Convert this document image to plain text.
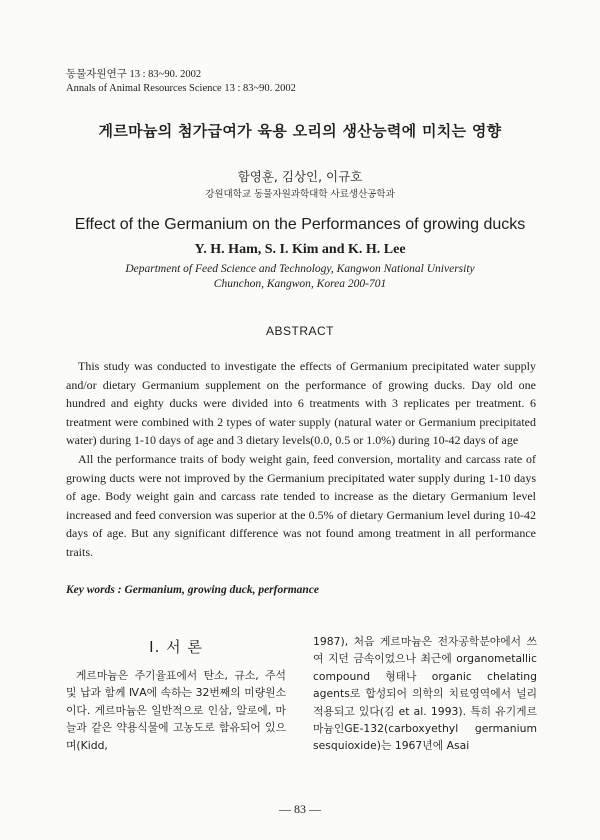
동물자원연구 13 : 83~90. 2002
Annals of Animal Resources Science 13 : 83~90. 2002
게르마늄의 첨가급여가 육용 오리의 생산능력에 미치는 영향
함영훈, 김상인, 이규호
강원대학교 동물자원과학대학 사료생산공학과
Effect of the Germanium on the Performances of growing ducks
Y. H. Ham, S. I. Kim and K. H. Lee
Department of Feed Science and Technology, Kangwon National University
Chunchon, Kangwon, Korea 200-701
ABSTRACT

This study was conducted to investigate the effects of Germanium precipitated water supply and/or dietary Germanium supplement on the performance of growing ducks. Day old one hundred and eighty ducks were divided into 6 treatments with 3 replicates per treatment. 6 treatment were combined with 2 types of water supply (natural water or Germanium precipitated water) during 1-10 days of age and 3 dietary levels(0.0, 0.5 or 1.0%) during 10-42 days of age

All the performance traits of body weight gain, feed conversion, mortality and carcass rate of growing ducts were not improved by the Germanium precipitated water supply during 1-10 days of age. Body weight gain and carcass rate tended to increase as the dietary Germanium level increased and feed conversion was superior at the 0.5% of dietary Germanium level during 10-42 days of age. But any significant difference was not found among treatment in all performance traits.

Key words : Germanium, growing duck, performance
Ⅰ. 서 론

게르마늄은 주기율표에서 탄소, 규소, 주석 및 납과 함께 ⅣA에 속하는 32번째의 미량원소이다. 게르마늄은 일반적으로 인삼, 알로에, 마늘과 같은 약용식물에 고농도로 함유되어 있으며(Kidd,

1987), 처음 게르마늄은 전자공학분야에서 쓰여 지던 금속이었으나 최근에 organometallic compound 형태나 organic chelating agents로 합성되어 의학의 치료영역에서 널리 적용되고 있다(김 et al. 1993). 특히 유기게르마늄인GE-132(carboxyethyl germanium sesquioxide)는 1967년에 Asai

— 83 —
